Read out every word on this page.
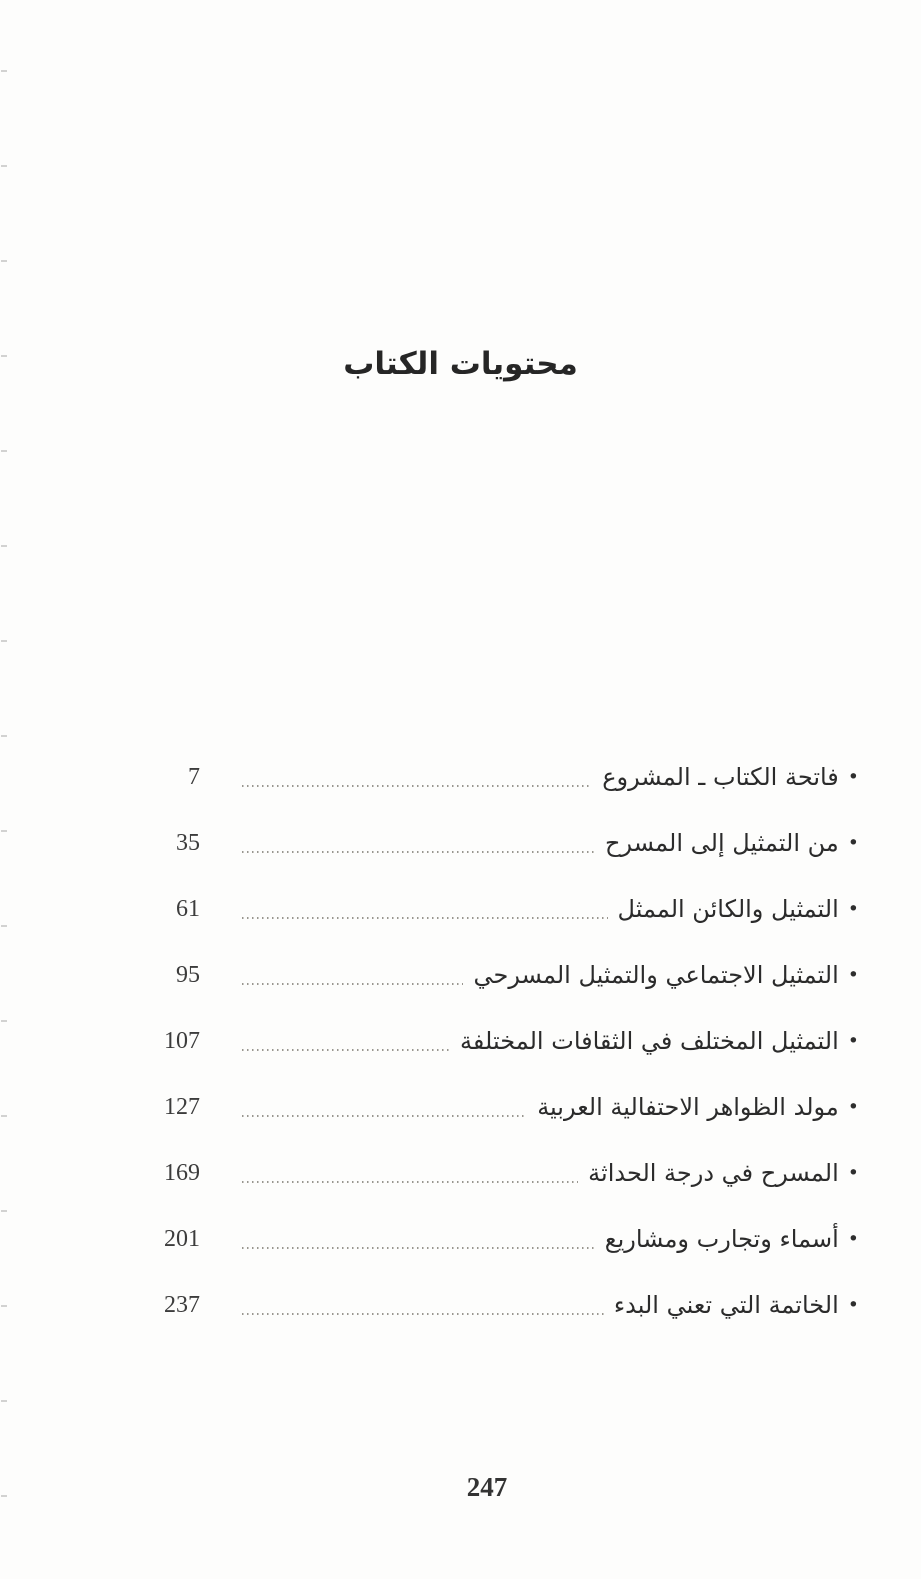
محتويات الكتاب
•
فاتحة الكتاب ـ المشروع
7
•
من التمثيل إلى المسرح
35
•
التمثيل والكائن الممثل
61
•
التمثيل الاجتماعي والتمثيل المسرحي
95
•
التمثيل المختلف في الثقافات المختلفة
107
•
مولد الظواهر الاحتفالية العربية
127
•
المسرح في درجة الحداثة
169
•
أسماء وتجارب ومشاريع
201
•
الخاتمة التي تعني البدء
237
247
